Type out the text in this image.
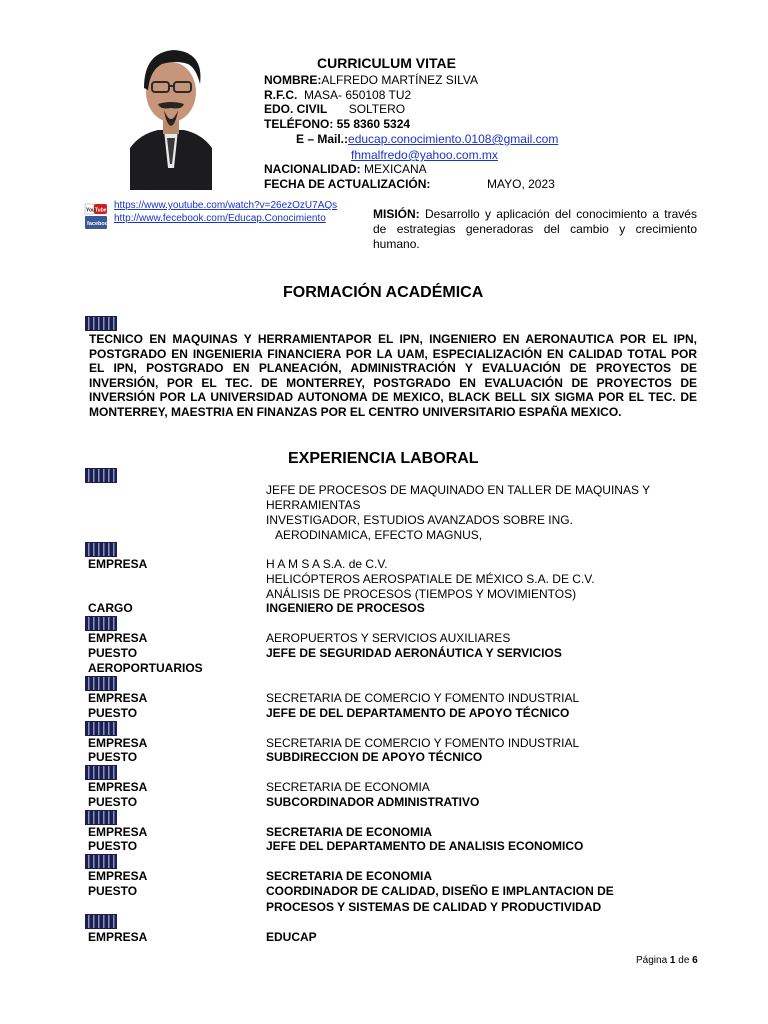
CURRICULUM VITAE
NOMBRE:ALFREDO MARTÍNEZ SILVA
R.F.C. MASA- 650108 TU2
EDO. CIVIL SOLTERO
TELÉFONO: 55 8360 5324
E – Mail.:educap.conocimiento.0108@gmail.com
fhmalfredo@yahoo.com.mx
NACIONALIDAD: MEXICANA
FECHA DE ACTUALIZACIÓN:	MAYO, 2023
You Tube https://www.youtube.com/watch?v=26ezOzU7AQs
facebook http://www.fecebook.com/Educap.Conocimiento	MISIÓN: Desarrollo y aplicación del conocimiento a través de estrategias generadoras del cambio y crecimiento humano.
FORMACIÓN ACADÉMICA
TECNICO EN MAQUINAS Y HERRAMIENTAPOR EL IPN, INGENIERO EN AERONAUTICA POR EL IPN, POSTGRADO EN INGENIERIA FINANCIERA POR LA UAM, ESPECIALIZACIÓN EN CALIDAD TOTAL POR EL IPN, POSTGRADO EN PLANEACIÓN, ADMINISTRACIÓN Y EVALUACIÓN DE PROYECTOS DE INVERSIÓN, POR EL TEC. DE MONTERREY, POSTGRADO EN EVALUACIÓN DE PROYECTOS DE INVERSIÓN POR LA UNIVERSIDAD AUTONOMA DE MEXICO, BLACK BELL SIX SIGMA POR EL TEC. DE MONTERREY, MAESTRIA EN FINANZAS POR EL CENTRO UNIVERSITARIO ESPAÑA MEXICO.
EXPERIENCIA LABORAL
JEFE DE PROCESOS DE MAQUINADO EN TALLER DE MAQUINAS Y HERRAMIENTAS
INVESTIGADOR, ESTUDIOS AVANZADOS SOBRE ING.
AERODINAMICA, EFECTO MAGNUS,
EMPRESA	H A M S A S.A. de C.V.
HELICÓPTEROS AEROSPATIALE DE MÉXICO S.A. DE C.V.
ANÁLISIS DE PROCESOS (TIEMPOS Y MOVIMIENTOS)
CARGO	INGENIERO DE PROCESOS
EMPRESA	AEROPUERTOS Y SERVICIOS AUXILIARES
PUESTO	JEFE DE SEGURIDAD AERONÁUTICA Y SERVICIOS
AEROPORTUARIOS
EMPRESA	SECRETARIA DE COMERCIO Y FOMENTO INDUSTRIAL
PUESTO	JEFE DE DEL DEPARTAMENTO DE APOYO TÉCNICO
EMPRESA	SECRETARIA DE COMERCIO Y FOMENTO INDUSTRIAL
PUESTO	SUBDIRECCION DE APOYO TÉCNICO
EMPRESA	SECRETARIA DE ECONOMIA
PUESTO	SUBCORDINADOR ADMINISTRATIVO
EMPRESA	SECRETARIA DE ECONOMIA
PUESTO	JEFE DEL DEPARTAMENTO DE ANALISIS ECONOMICO
EMPRESA	SECRETARIA DE ECONOMIA
PUESTO	COORDINADOR DE CALIDAD, DISEÑO E IMPLANTACION DE
PROCESOS Y SISTEMAS DE CALIDAD Y PRODUCTIVIDAD
EMPRESA	EDUCAP
Página 1 de 6
